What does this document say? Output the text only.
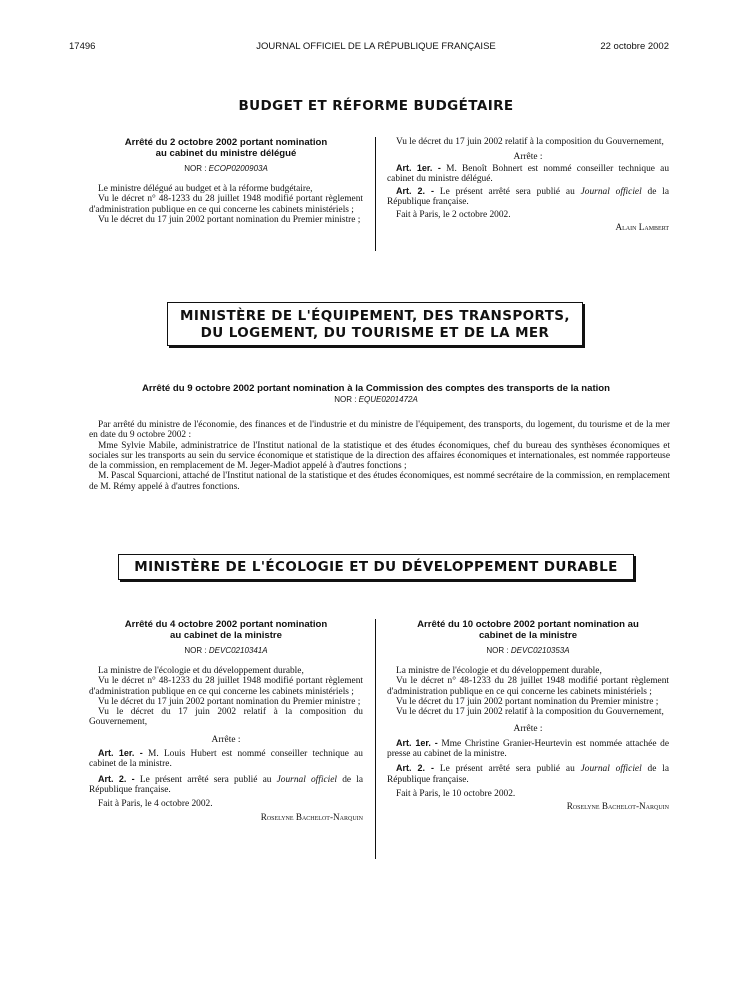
17496	JOURNAL OFFICIEL DE LA RÉPUBLIQUE FRANÇAISE	22 octobre 2002
BUDGET ET RÉFORME BUDGÉTAIRE
Arrêté du 2 octobre 2002 portant nomination au cabinet du ministre délégué
NOR : ECOP0200903A

Le ministre délégué au budget et à la réforme budgétaire,

Vu le décret n° 48-1233 du 28 juillet 1948 modifié portant règlement d'administration publique en ce qui concerne les cabinets ministériels ;

Vu le décret du 17 juin 2002 portant nomination du Premier ministre ;

Vu le décret du 17 juin 2002 relatif à la composition du Gouvernement,

Arrête :

Art. 1er. - M. Benoît Bohnert est nommé conseiller technique au cabinet du ministre délégué.

Art. 2. - Le présent arrêté sera publié au Journal officiel de la République française.

Fait à Paris, le 2 octobre 2002.

Alain Lambert

MINISTÈRE DE L'ÉQUIPEMENT, DES TRANSPORTS,
DU LOGEMENT, DU TOURISME ET DE LA MER
Arrêté du 9 octobre 2002 portant nomination à la Commission des comptes des transports de la nation
NOR : EQUE0201472A

Par arrêté du ministre de l'économie, des finances et de l'industrie et du ministre de l'équipement, des transports, du logement, du tourisme et de la mer en date du 9 octobre 2002 :

Mme Sylvie Mabile, administratrice de l'Institut national de la statistique et des études économiques, chef du bureau des synthèses économiques et sociales sur les transports au sein du service économique et statistique de la direction des affaires économiques et internationales, est nommée rapporteuse de la commission, en remplacement de M. Jeger-Madiot appelé à d'autres fonctions ;

M. Pascal Squarcioni, attaché de l'Institut national de la statistique et des études économiques, est nommé secrétaire de la commission, en remplacement de M. Rémy appelé à d'autres fonctions.

MINISTÈRE DE L'ÉCOLOGIE ET DU DÉVELOPPEMENT DURABLE
Arrêté du 4 octobre 2002 portant nomination au cabinet de la ministre
NOR : DEVC0210341A

La ministre de l'écologie et du développement durable,

Vu le décret n° 48-1233 du 28 juillet 1948 modifié portant règlement d'administration publique en ce qui concerne les cabinets ministériels ;

Vu le décret du 17 juin 2002 portant nomination du Premier ministre ;

Vu le décret du 17 juin 2002 relatif à la composition du Gouvernement,

Arrête :

Art. 1er. - M. Louis Hubert est nommé conseiller technique au cabinet de la ministre.

Art. 2. - Le présent arrêté sera publié au Journal officiel de la République française.

Fait à Paris, le 4 octobre 2002.

Roselyne Bachelot-Narquin

Arrêté du 10 octobre 2002 portant nomination au cabinet de la ministre
NOR : DEVC0210353A

La ministre de l'écologie et du développement durable,

Vu le décret n° 48-1233 du 28 juillet 1948 modifié portant règlement d'administration publique en ce qui concerne les cabinets ministériels ;

Vu le décret du 17 juin 2002 portant nomination du Premier ministre ;

Vu le décret du 17 juin 2002 relatif à la composition du Gouvernement,

Arrête :

Art. 1er. - Mme Christine Granier-Heurtevin est nommée attachée de presse au cabinet de la ministre.

Art. 2. - Le présent arrêté sera publié au Journal officiel de la République française.

Fait à Paris, le 10 octobre 2002.

Roselyne Bachelot-Narquin
